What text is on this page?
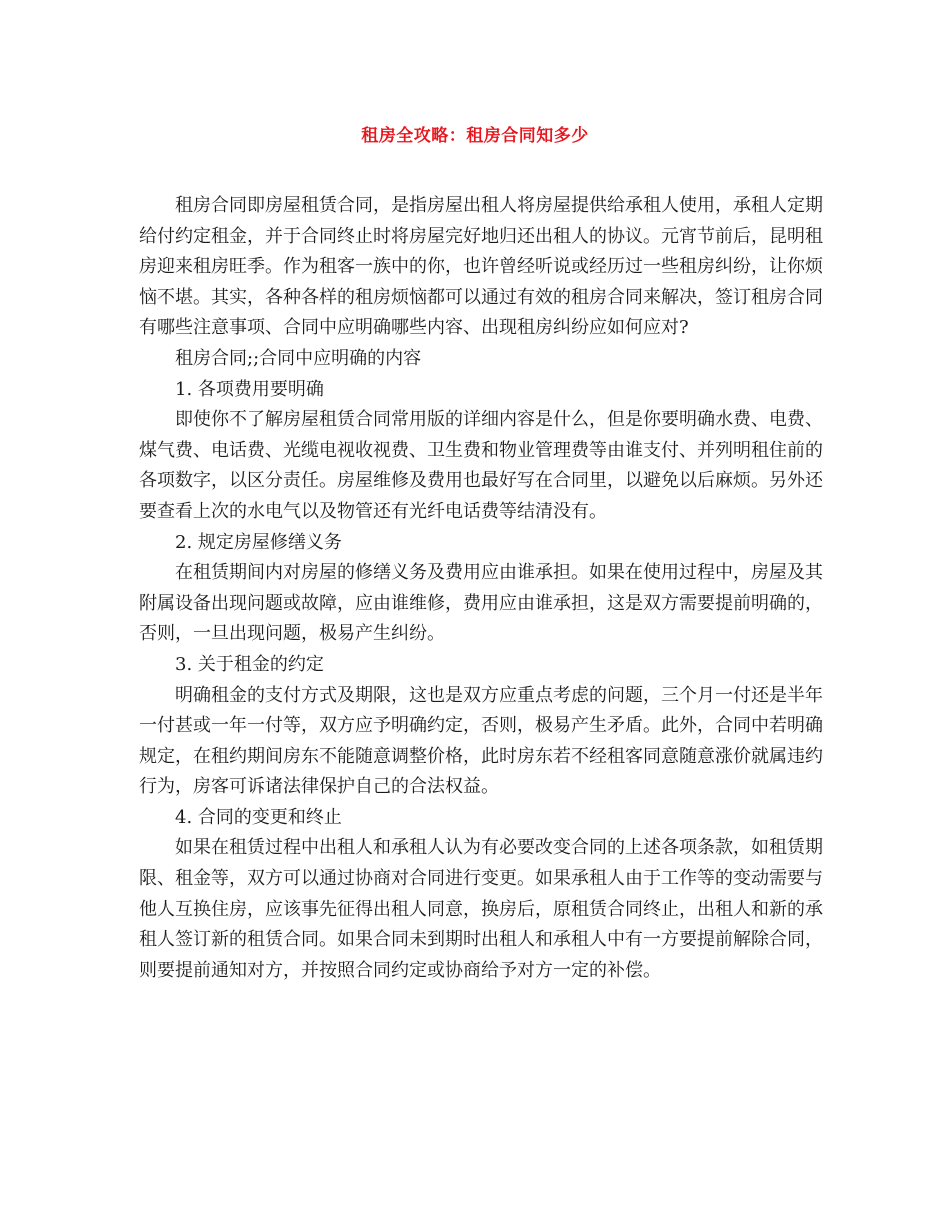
租房全攻略：租房合同知多少

租房合同即房屋租赁合同，是指房屋出租人将房屋提供给承租人使用，承租人定期给付约定租金，并于合同终止时将房屋完好地归还出租人的协议。元宵节前后，昆明租房迎来租房旺季。作为租客一族中的你，也许曾经听说或经历过一些租房纠纷，让你烦恼不堪。其实，各种各样的租房烦恼都可以通过有效的租房合同来解决，签订租房合同有哪些注意事项、合同中应明确哪些内容、出现租房纠纷应如何应对?

租房合同;;合同中应明确的内容

1. 各项费用要明确

即使你不了解房屋租赁合同常用版的详细内容是什么，但是你要明确水费、电费、煤气费、电话费、光缆电视收视费、卫生费和物业管理费等由谁支付、并列明租住前的各项数字，以区分责任。房屋维修及费用也最好写在合同里，以避免以后麻烦。另外还要查看上次的水电气以及物管还有光纤电话费等结清没有。

2. 规定房屋修缮义务

在租赁期间内对房屋的修缮义务及费用应由谁承担。如果在使用过程中，房屋及其附属设备出现问题或故障，应由谁维修，费用应由谁承担，这是双方需要提前明确的，否则，一旦出现问题，极易产生纠纷。

3. 关于租金的约定

明确租金的支付方式及期限，这也是双方应重点考虑的问题，三个月一付还是半年一付甚或一年一付等，双方应予明确约定，否则，极易产生矛盾。此外，合同中若明确规定，在租约期间房东不能随意调整价格，此时房东若不经租客同意随意涨价就属违约行为，房客可诉诸法律保护自己的合法权益。

4. 合同的变更和终止

如果在租赁过程中出租人和承租人认为有必要改变合同的上述各项条款，如租赁期限、租金等，双方可以通过协商对合同进行变更。如果承租人由于工作等的变动需要与他人互换住房，应该事先征得出租人同意，换房后，原租赁合同终止，出租人和新的承租人签订新的租赁合同。如果合同未到期时出租人和承租人中有一方要提前解除合同，则要提前通知对方，并按照合同约定或协商给予对方一定的补偿。
